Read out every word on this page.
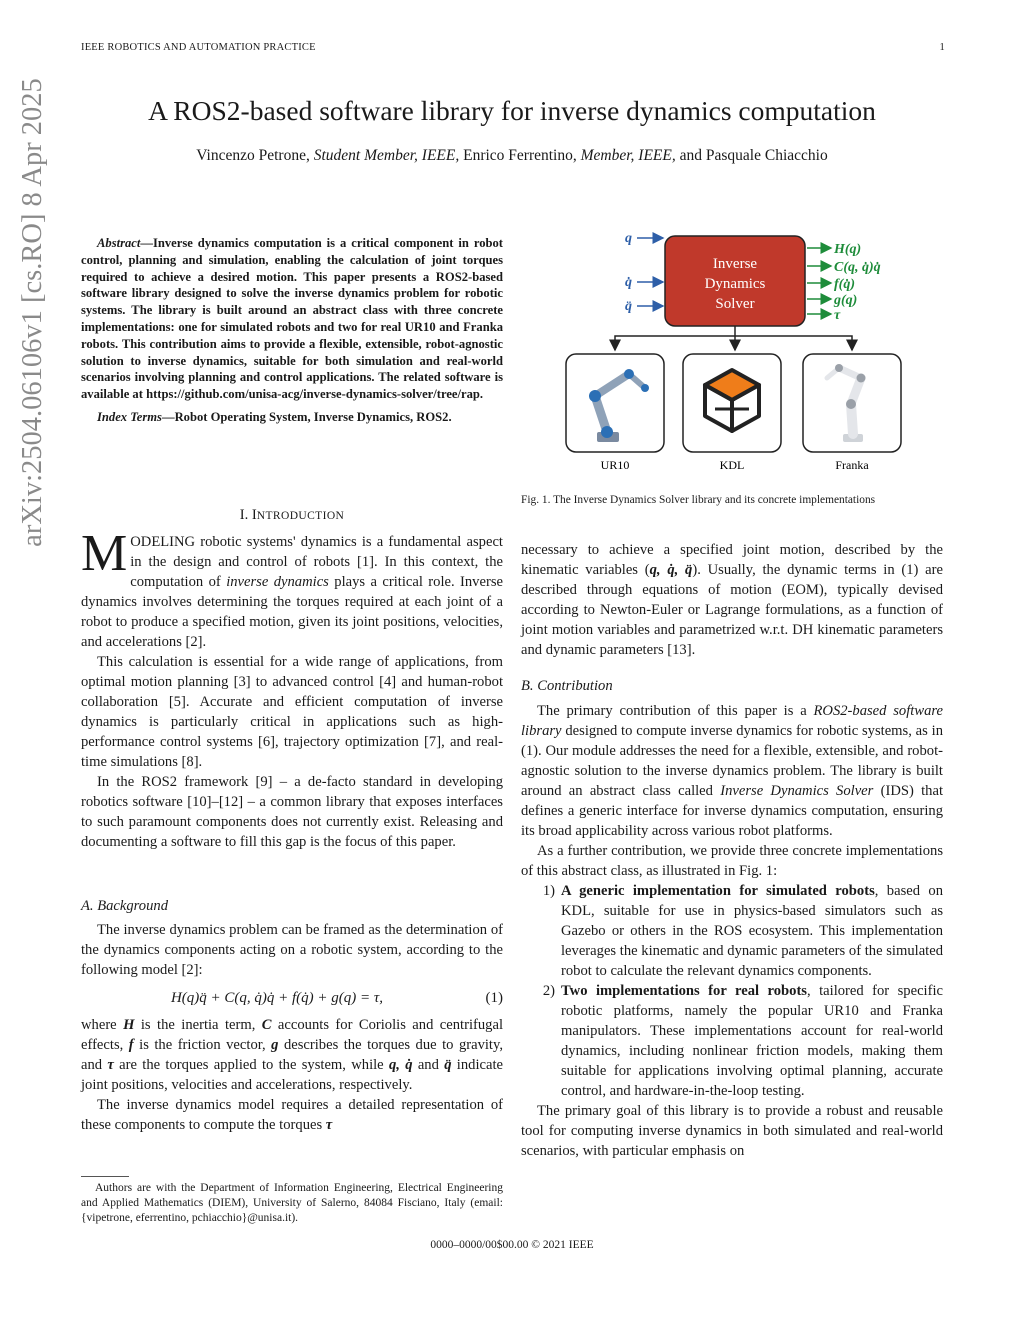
IEEE ROBOTICS AND AUTOMATION PRACTICE	1
A ROS2-based software library for inverse dynamics computation
Vincenzo Petrone, Student Member, IEEE, Enrico Ferrentino, Member, IEEE, and Pasquale Chiacchio
arXiv:2504.06106v1 [cs.RO] 8 Apr 2025	Abstract—Inverse dynamics computation is a critical component in robot control, planning and simulation, enabling the calculation of joint torques required to achieve a desired motion. This paper presents a ROS2-based software library designed to solve the inverse dynamics problem for robotic systems. The library is built around an abstract class with three concrete implementations: one for simulated robots and two for real UR10 and Franka robots. This contribution aims to provide a flexible, extensible, robot-agnostic solution to inverse dynamics, suitable for both simulation and real-world scenarios involving planning and control applications. The related software is available at https://github.com/unisa-acg/inverse-dynamics-solver/tree/rap.

Index Terms—Robot Operating System, Inverse Dynamics, ROS2.

I. INTRODUCTION

MODELING robotic systems' dynamics is a fundamental aspect in the design and control of robots [1]. In this context, the computation of inverse dynamics plays a critical role. Inverse dynamics involves determining the torques required at each joint of a robot to produce a specified motion, given its joint positions, velocities, and accelerations [2].

This calculation is essential for a wide range of applications, from optimal motion planning [3] to advanced control [4] and human-robot collaboration [5]. Accurate and efficient computation of inverse dynamics is particularly critical in applications such as high-performance control systems [6], trajectory optimization [7], and real-time simulations [8].

In the ROS2 framework [9] – a de-facto standard in developing robotics software [10]–[12] – a common library that exposes interfaces to such paramount components does not currently exist. Releasing and documenting a software to fill this gap is the focus of this paper.

A. Background

The inverse dynamics problem can be framed as the determination of the dynamics components acting on a robotic system, according to the following model [2]:

H(q)q̈ + C(q, q̇)q̇ + f(q̇) + g(q) = τ,	(1)

where H is the inertia term, C accounts for Coriolis and centrifugal effects, f is the friction vector, g describes the torques due to gravity, and τ are the torques applied to the system, while q, q̇ and q̈ indicate joint positions, velocities and accelerations, respectively.

The inverse dynamics model requires a detailed representation of these components to compute the torques τ

Authors are with the Department of Information Engineering, Electrical Engineering and Applied Mathematics (DIEM), University of Salerno, 84084 Fisciano, Italy (email: {vipetrone, eferrentino, pchiacchio}@unisa.it).

Inverse
Dynamics
Solver
q
q̇
q̈
H(q)
C(q, q̇)q̇
f(q̇)
g(q)
τ
UR10	KDL	Franka
Fig. 1. The Inverse Dynamics Solver library and its concrete implementations

necessary to achieve a specified joint motion, described by the kinematic variables (q, q̇, q̈). Usually, the dynamic terms in (1) are described through equations of motion (EOM), typically devised according to Newton-Euler or Lagrange formulations, as a function of joint motion variables and parametrized w.r.t. DH kinematic parameters and dynamic parameters [13].

B. Contribution

The primary contribution of this paper is a ROS2-based software library designed to compute inverse dynamics for robotic systems, as in (1). Our module addresses the need for a flexible, extensible, and robot-agnostic solution to the inverse dynamics problem. The library is built around an abstract class called Inverse Dynamics Solver (IDS) that defines a generic interface for inverse dynamics computation, ensuring its broad applicability across various robot platforms.

As a further contribution, we provide three concrete implementations of this abstract class, as illustrated in Fig. 1:

1) A generic implementation for simulated robots, based on KDL, suitable for use in physics-based simulators such as Gazebo or others in the ROS ecosystem. This implementation leverages the kinematic and dynamic parameters of the simulated robot to calculate the relevant dynamics components.
2) Two implementations for real robots, tailored for specific robotic platforms, namely the popular UR10 and Franka manipulators. These implementations account for real-world dynamics, including nonlinear friction models, making them suitable for applications involving optimal planning, accurate control, and hardware-in-the-loop testing.

The primary goal of this library is to provide a robust and reusable tool for computing inverse dynamics in both simulated and real-world scenarios, with particular emphasis on

0000–0000/00$00.00 © 2021 IEEE
